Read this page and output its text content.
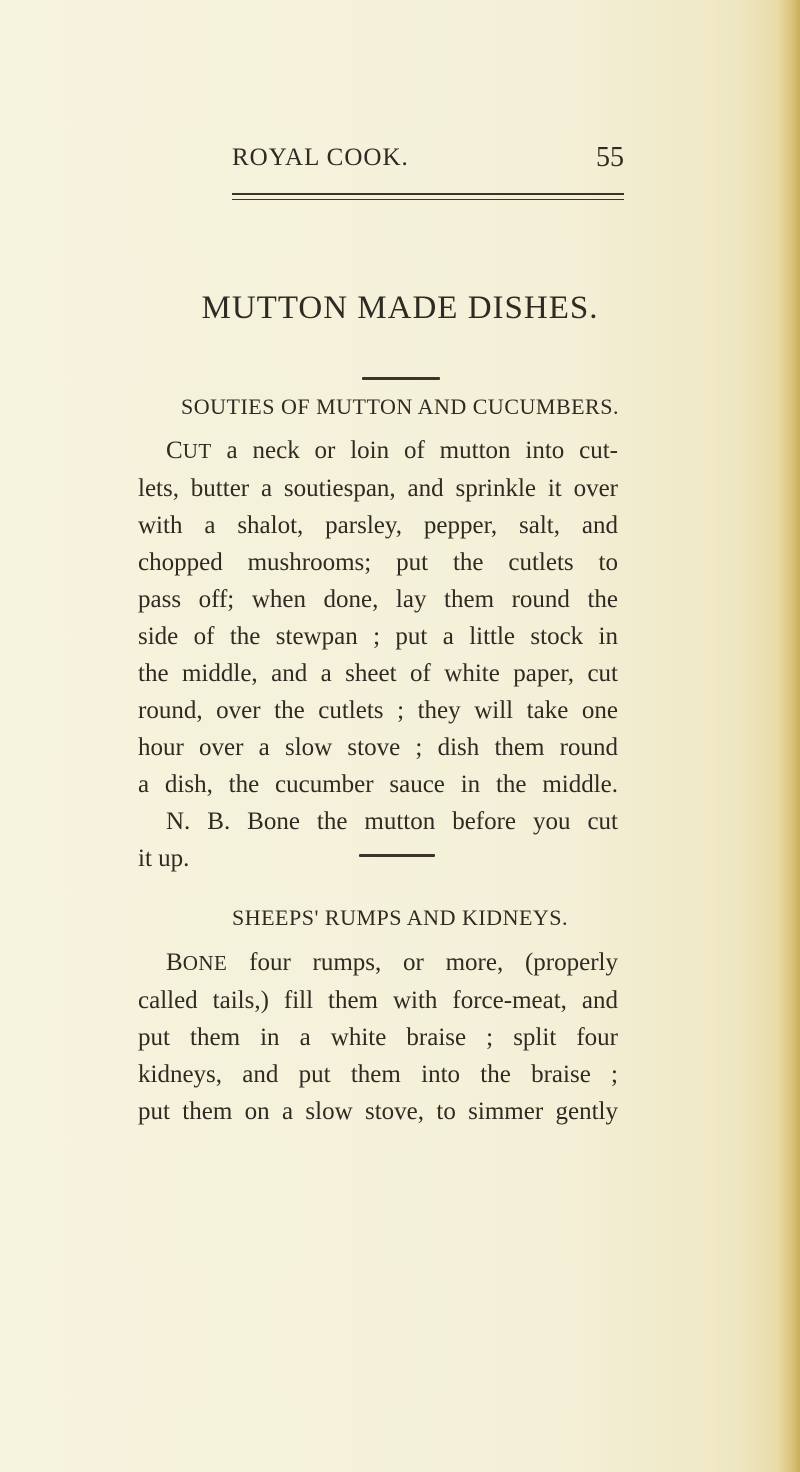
ROYAL COOK.	55
MUTTON MADE DISHES.
SOUTIES OF MUTTON AND CUCUMBERS.
CUT a neck or loin of mutton into cut-
lets, butter a soutiespan, and sprinkle it over
with a shalot, parsley, pepper, salt, and
chopped mushrooms; put the cutlets to
pass off; when done, lay them round the
side of the stewpan ; put a little stock in
the middle, and a sheet of white paper, cut
round, over the cutlets ; they will take one
hour over a slow stove ; dish them round
a dish, the cucumber sauce in the middle.
N. B. Bone the mutton before you cut
it up.
SHEEPS' RUMPS AND KIDNEYS.
BONE four rumps, or more, (properly
called tails,) fill them with force-meat, and
put them in a white braise ; split four
kidneys, and put them into the braise ;
put them on a slow stove, to simmer gently
